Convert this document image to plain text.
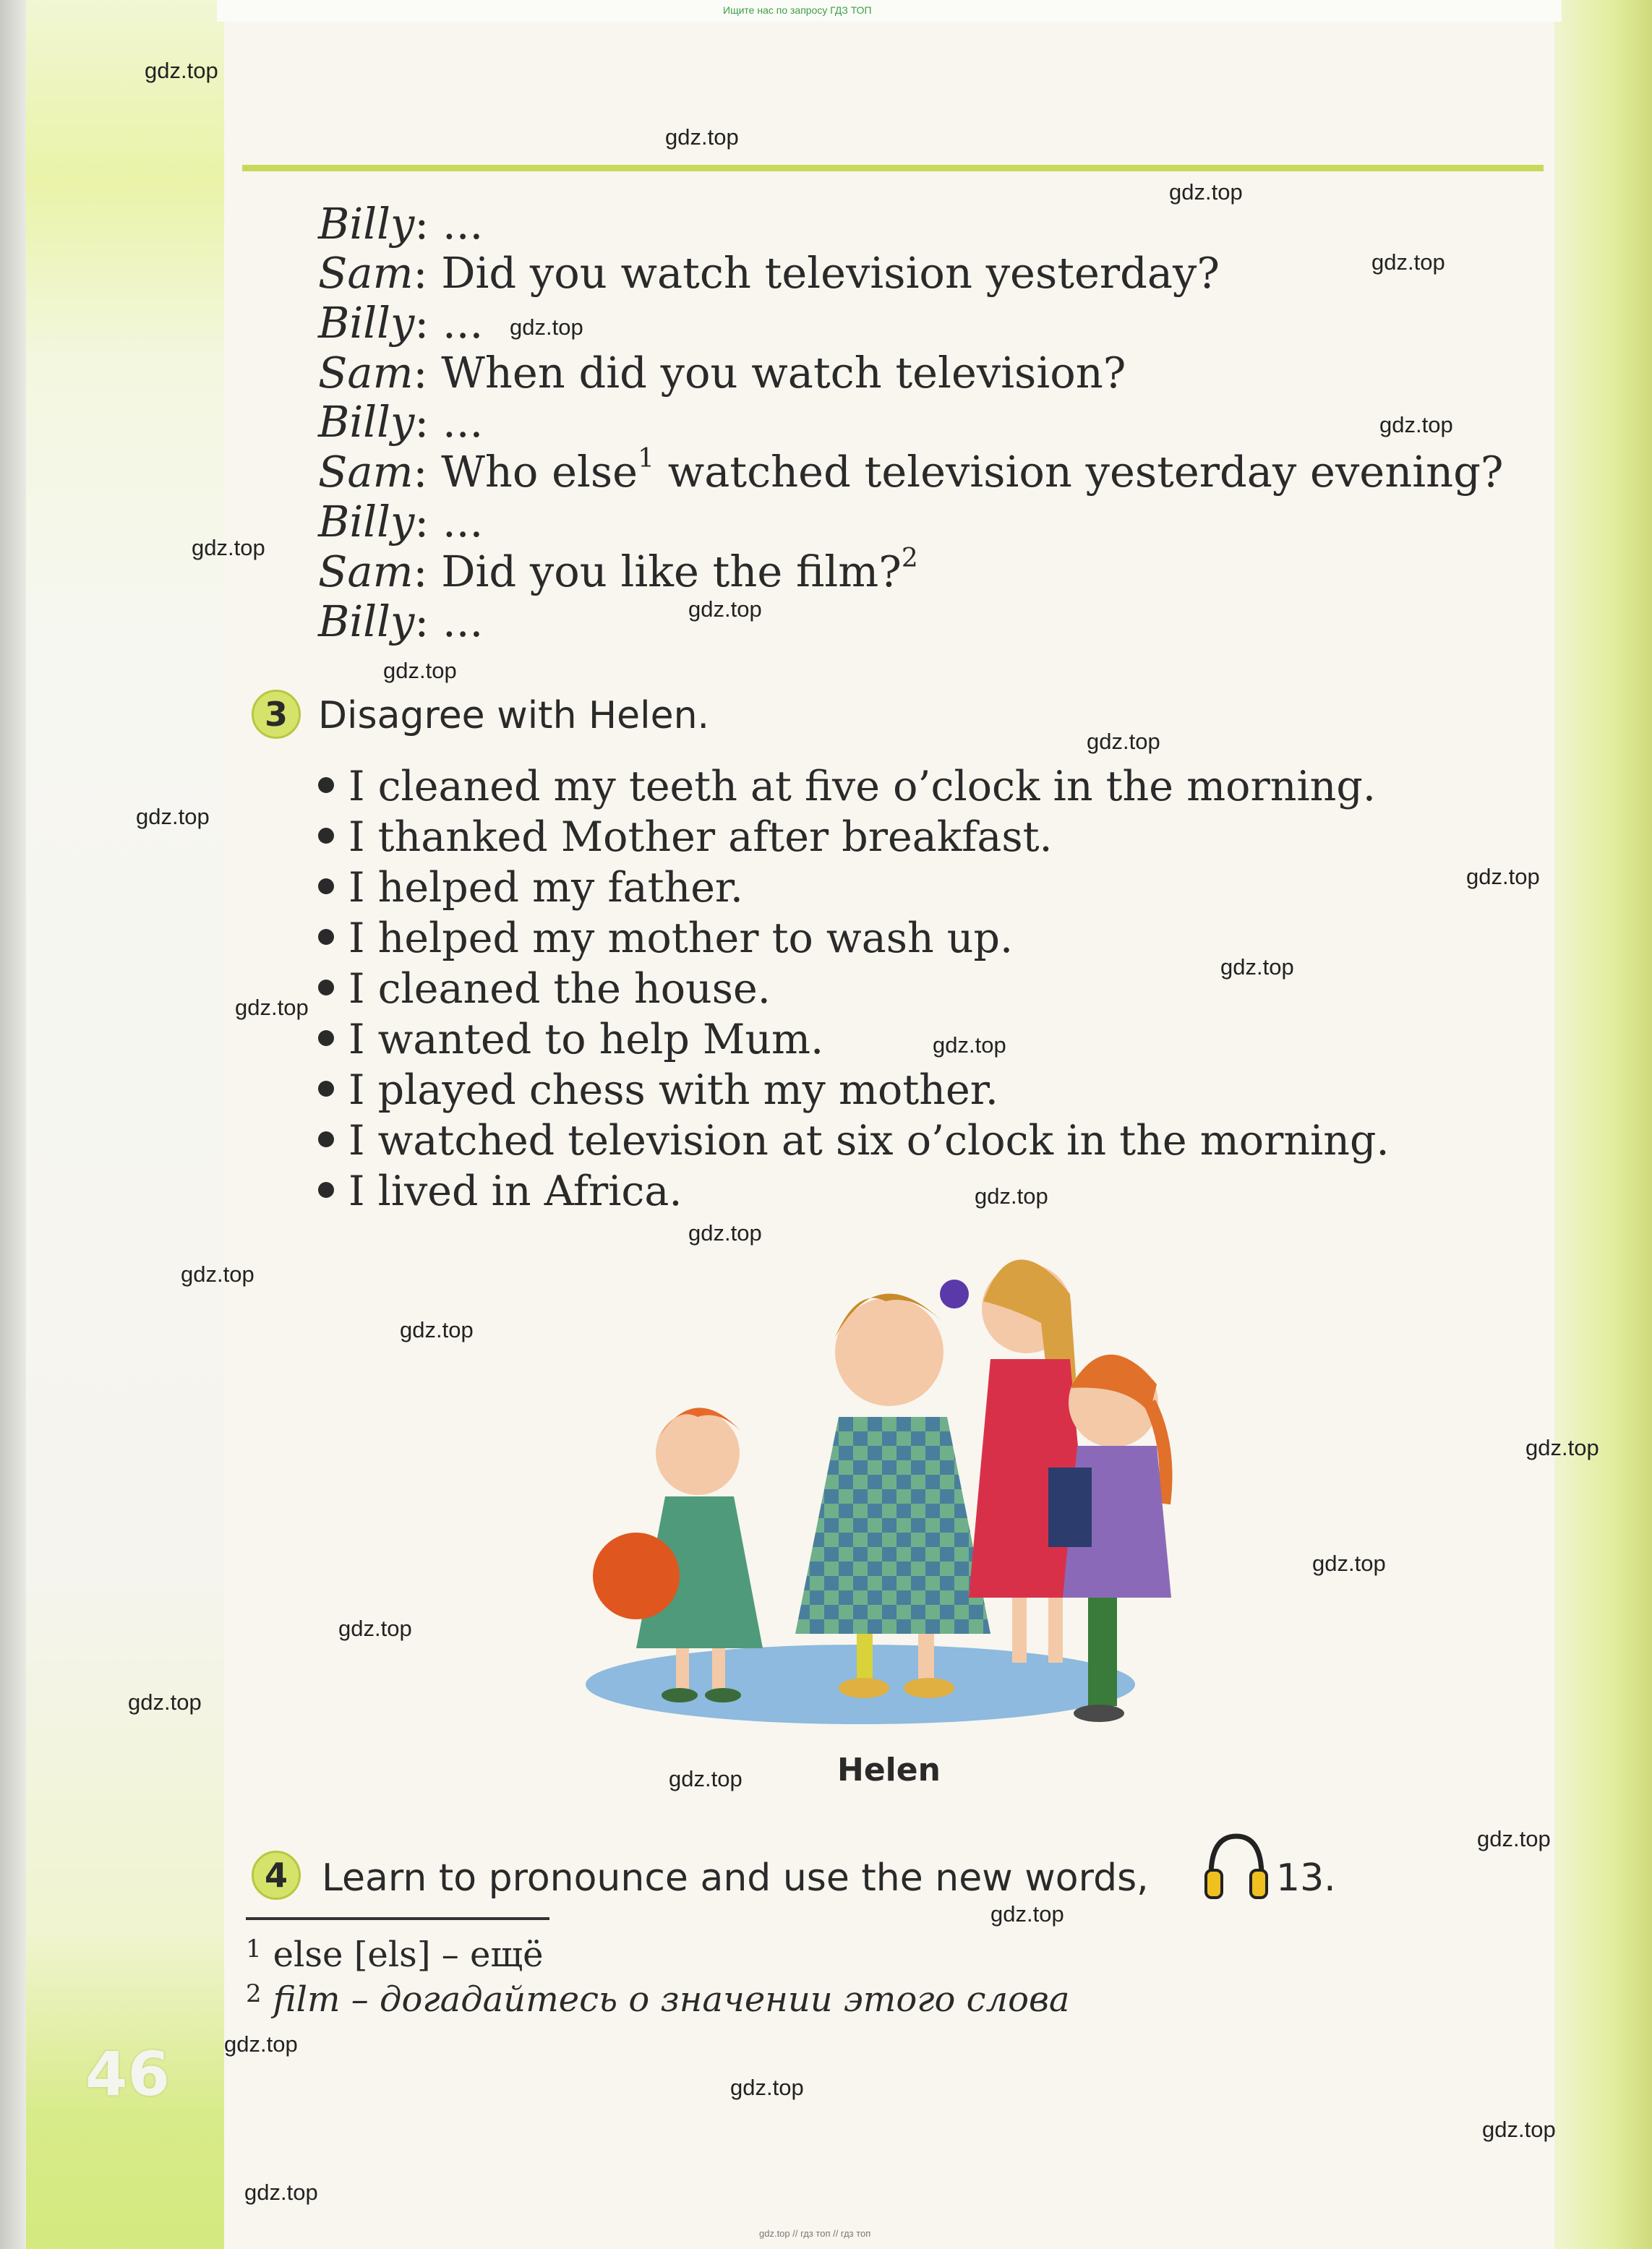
Ищите нас по запросу ГДЗ ТОП
Billy: ...
Sam: Did you watch television yesterday?
Billy: ...
Sam: When did you watch television?
Billy: ...
Sam: Who else$^1$ watched television yesterday evening?
Billy: ...
Sam: Did you like the film?$^2$
Billy: ...
3 Disagree with Helen.
I cleaned my teeth at five o’clock in the morning.
I thanked Mother after breakfast.
I helped my father.
I helped my mother to wash up.
I cleaned the house.
I wanted to help Mum.
I played chess with my mother.
I watched television at six o’clock in the morning.
I lived in Africa.
Helen
4 Learn to pronounce and use the new words,	13.
$^1$ else [els] – ещё
$^2$ film – догадайтесь о значении этого слова
46
gdz.top
gdz.top
gdz.top
gdz.top
gdz.top
gdz.top
gdz.top
gdz.top
gdz.top
gdz.top
gdz.top
gdz.top
gdz.top
gdz.top
gdz.top
gdz.top
gdz.top
gdz.top
gdz.top
gdz.top
gdz.top
gdz.top
gdz.top
gdz.top
gdz.top
gdz.top
gdz.top
gdz.top
gdz.top
gdz.top
gdz.top // гдз топ // гдз топ
